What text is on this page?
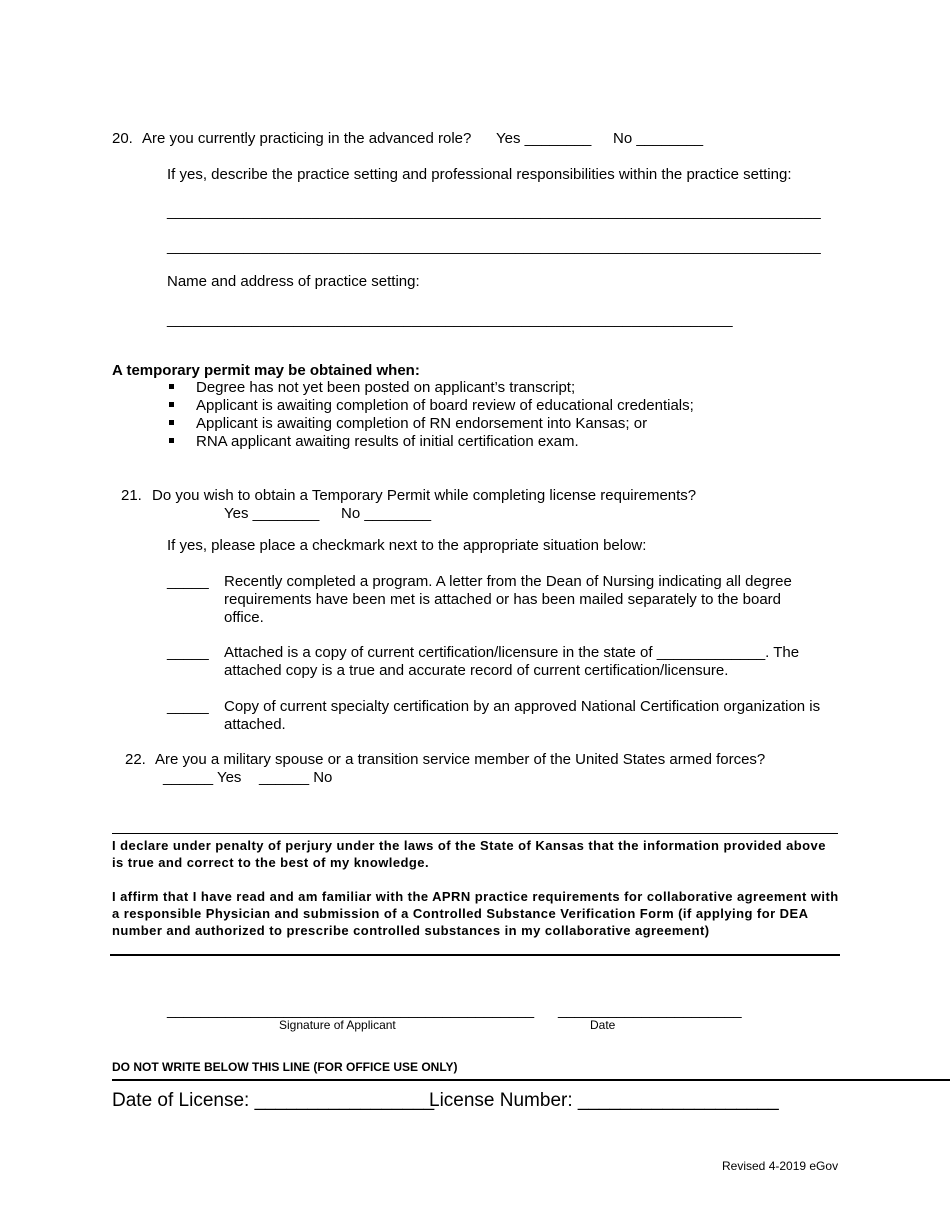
20. Are you currently practicing in the advanced role? Yes ________ No ________
If yes, describe the practice setting and professional responsibilities within the practice setting:
_____________________________________________________________________________
_____________________________________________________________________________
Name and address of practice setting:
___________________________________________________________________
A temporary permit may be obtained when:
Degree has not yet been posted on applicant’s transcript;
Applicant is awaiting completion of board review of educational credentials;
Applicant is awaiting completion of RN endorsement into Kansas; or
RNA applicant awaiting results of initial certification exam.
21. Do you wish to obtain a Temporary Permit while completing license requirements?
Yes ________ No ________
If yes, please place a checkmark next to the appropriate situation below:
_____ Recently completed a program. A letter from the Dean of Nursing indicating all degree requirements have been met is attached or has been mailed separately to the board office.
_____ Attached is a copy of current certification/licensure in the state of _____________. The attached copy is a true and accurate record of current certification/licensure.
_____ Copy of current specialty certification by an approved National Certification organization is attached.
22. Are you a military spouse or a transition service member of the United States armed forces?
______ Yes ______ No
I declare under penalty of perjury under the laws of the State of Kansas that the information provided above is true and correct to the best of my knowledge.
I affirm that I have read and am familiar with the APRN practice requirements for collaborative agreement with a responsible Physician and submission of a Controlled Substance Verification Form (if applying for DEA number and authorized to prescribe controlled substances in my collaborative agreement)
____________________________________________
Signature of Applicant
______________________
Date
DO NOT WRITE BELOW THIS LINE (FOR OFFICE USE ONLY)
Date of License: _________________
License Number: ___________________
Revised 4-2019 eGov
